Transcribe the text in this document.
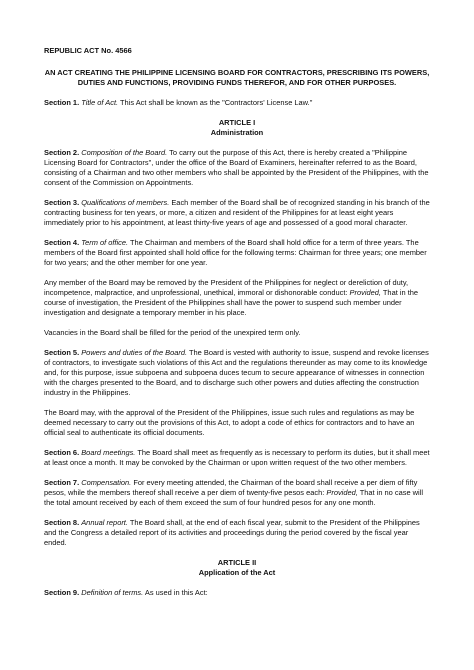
REPUBLIC ACT No. 4566
AN ACT CREATING THE PHILIPPINE LICENSING BOARD FOR CONTRACTORS, PRESCRIBING ITS POWERS, DUTIES AND FUNCTIONS, PROVIDING FUNDS THEREFOR, AND FOR OTHER PURPOSES.

Section 1. Title of Act. This Act shall be known as the "Contractors' License Law."

ARTICLE I
Administration

Section 2. Composition of the Board. To carry out the purpose of this Act, there is hereby created a "Philippine Licensing Board for Contractors", under the office of the Board of Examiners, hereinafter referred to as the Board, consisting of a Chairman and two other members who shall be appointed by the President of the Philippines, with the consent of the Commission on Appointments.

Section 3. Qualifications of members. Each member of the Board shall be of recognized standing in his branch of the contracting business for ten years, or more, a citizen and resident of the Philippines for at least eight years immediately prior to his appointment, at least thirty-five years of age and possessed of a good moral character.

Section 4. Term of office. The Chairman and members of the Board shall hold office for a term of three years. The members of the Board first appointed shall hold office for the following terms: Chairman for three years; one member for two years; and the other member for one year.

Any member of the Board may be removed by the President of the Philippines for neglect or dereliction of duty, incompetence, malpractice, and unprofessional, unethical, immoral or dishonorable conduct: Provided, That in the course of investigation, the President of the Philippines shall have the power to suspend such member under investigation and designate a temporary member in his place.

Vacancies in the Board shall be filled for the period of the unexpired term only.

Section 5. Powers and duties of the Board. The Board is vested with authority to issue, suspend and revoke licenses of contractors, to investigate such violations of this Act and the regulations thereunder as may come to its knowledge and, for this purpose, issue subpoena and subpoena duces tecum to secure appearance of witnesses in connection with the charges presented to the Board, and to discharge such other powers and duties affecting the construction industry in the Philippines.

The Board may, with the approval of the President of the Philippines, issue such rules and regulations as may be deemed necessary to carry out the provisions of this Act, to adopt a code of ethics for contractors and to have an official seal to authenticate its official documents.

Section 6. Board meetings. The Board shall meet as frequently as is necessary to perform its duties, but it shall meet at least once a month. It may be convoked by the Chairman or upon written request of the two other members.

Section 7. Compensation. For every meeting attended, the Chairman of the board shall receive a per diem of fifty pesos, while the members thereof shall receive a per diem of twenty-five pesos each: Provided, That in no case will the total amount received by each of them exceed the sum of four hundred pesos for any one month.

Section 8. Annual report. The Board shall, at the end of each fiscal year, submit to the President of the Philippines and the Congress a detailed report of its activities and proceedings during the period covered by the fiscal year ended.

ARTICLE II
Application of the Act

Section 9. Definition of terms. As used in this Act:
